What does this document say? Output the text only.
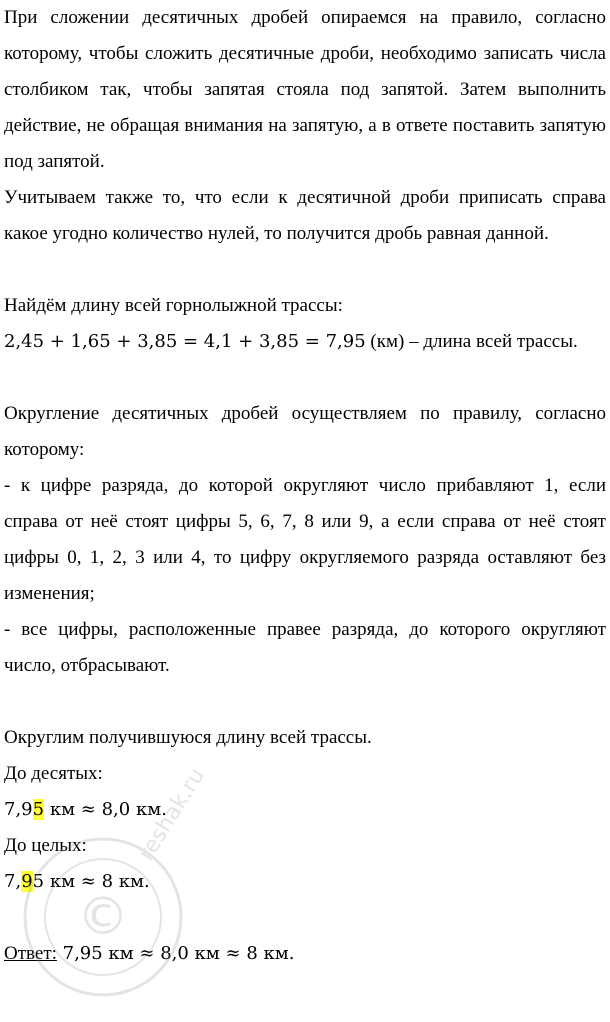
При сложении десятичных дробей опираемся на правило, согласно которому, чтобы сложить десятичные дроби, необходимо записать числа столбиком так, чтобы запятая стояла под запятой. Затем выполнить действие, не обращая внимания на запятую, а в ответе поставить запятую под запятой.

Учитываем также то, что если к десятичной дроби приписать справа какое угодно количество нулей, то получится дробь равная данной.

Найдём длину всей горнолыжной трассы:

2,45 + 1,65 + 3,85 = 4,1 + 3,85 = 7,95 (км) – длина всей трассы.

Округление десятичных дробей осуществляем по правилу, согласно которому:

- к цифре разряда, до которой округляют число прибавляют 1, если справа от неё стоят цифры 5, 6, 7, 8 или 9, а если справа от неё стоят цифры 0, 1, 2, 3 или 4, то цифру округляемого разряда оставляют без изменения;

- все цифры, расположенные правее разряда, до которого округляют число, отбрасывают.

Округлим получившуюся длину всей трассы.

До десятых:

7,95 км ≈ 8,0 км.

До целых:

7,95 км ≈ 8 км.

Ответ: 7,95 км ≈ 8,0 км ≈ 8 км.

©
reshak.ru
